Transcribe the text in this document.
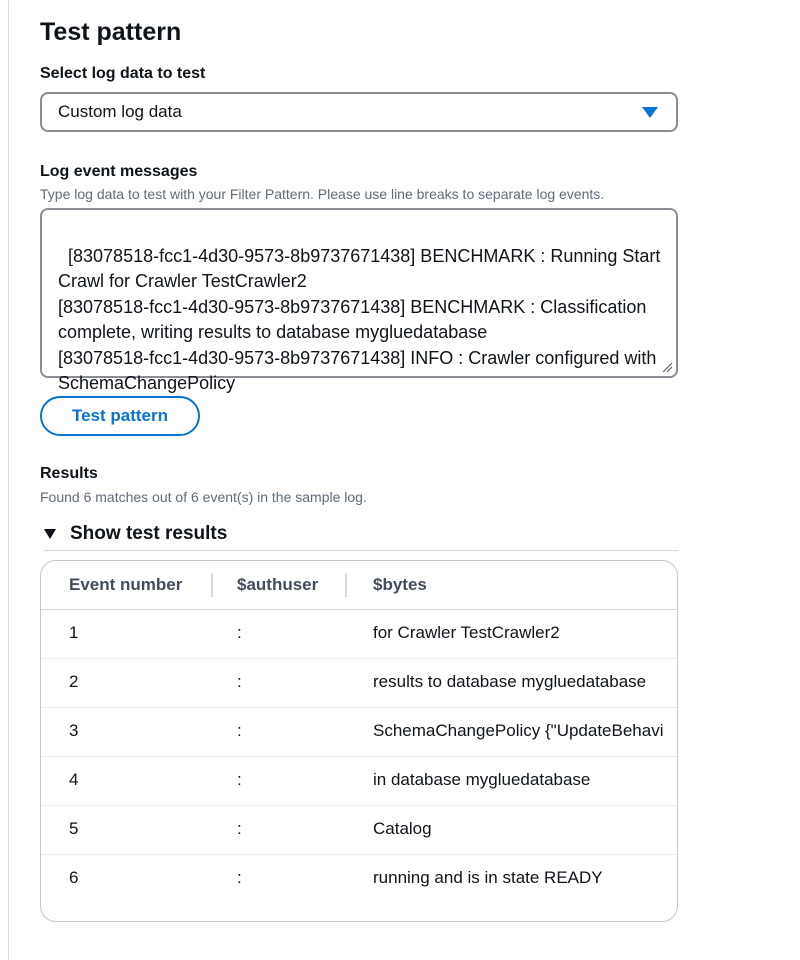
Test pattern
Select log data to test
Custom log data
Log event messages
Type log data to test with your Filter Pattern. Please use line breaks to separate log events.

[83078518-fcc1-4d30-9573-8b9737671438] BENCHMARK : Running Start Crawl for Crawler TestCrawler2
[83078518-fcc1-4d30-9573-8b9737671438] BENCHMARK : Classification complete, writing results to database mygluedatabase
[83078518-fcc1-4d30-9573-8b9737671438] INFO : Crawler configured with SchemaChangePolicy

Test pattern
Results
Found 6 matches out of 6 event(s) in the sample log.
Show test results
Event number	$authuser	$bytes
1	:	for Crawler TestCrawler2
2	:	results to database mygluedatabase
3	:	SchemaChangePolicy {"UpdateBehavi
4	:	in database mygluedatabase
5	:	Catalog
6	:	running and is in state READY
